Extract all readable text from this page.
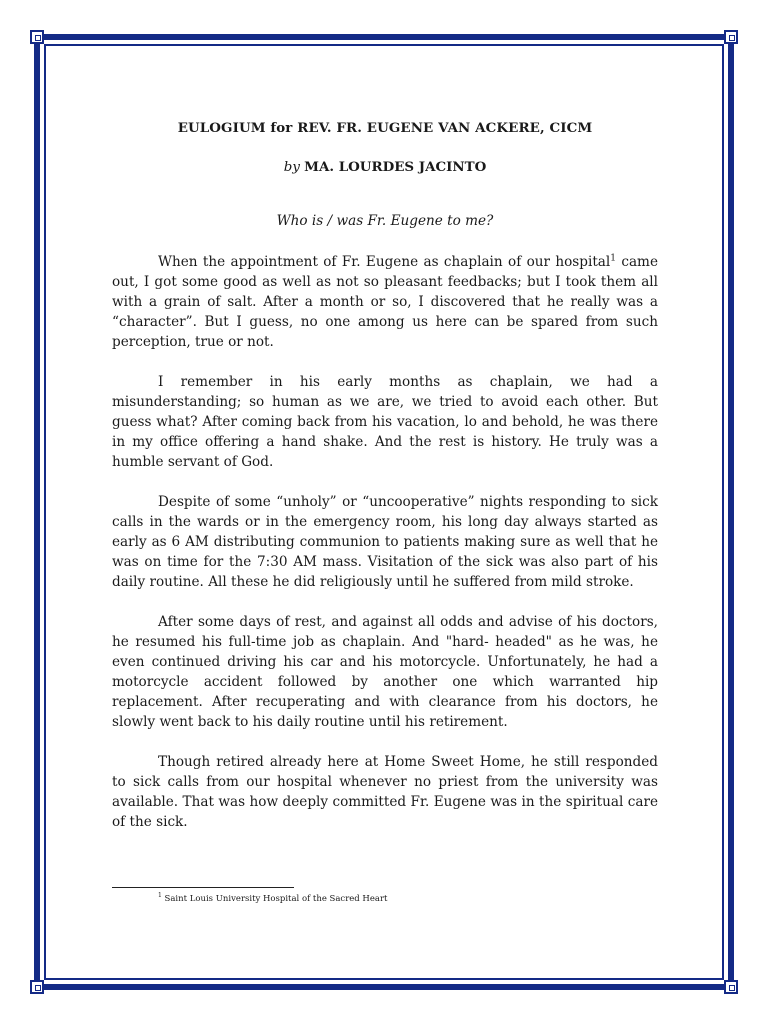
EULOGIUM for REV. FR. EUGENE VAN ACKERE, CICM

by MA. LOURDES JACINTO

Who is / was Fr. Eugene to me?

When the appointment of Fr. Eugene as chaplain of our hospital$^1$ came out, I got some good as well as not so pleasant feedbacks; but I took them all with a grain of salt. After a month or so, I discovered that he really was a “character”. But I guess, no one among us here can be spared from such perception, true or not.

I remember in his early months as chaplain, we had a misunderstanding; so human as we are, we tried to avoid each other. But guess what? After coming back from his vacation, lo and behold, he was there in my office offering a hand shake. And the rest is history. He truly was a humble servant of God.

Despite of some “unholy” or “uncooperative” nights responding to sick calls in the wards or in the emergency room, his long day always started as early as 6 AM distributing communion to patients making sure as well that he was on time for the 7:30 AM mass. Visitation of the sick was also part of his daily routine. All these he did religiously until he suffered from mild stroke.

After some days of rest, and against all odds and advise of his doctors, he resumed his full-time job as chaplain. And "hard- headed" as he was, he even continued driving his car and his motorcycle. Unfortunately, he had a motorcycle accident followed by another one which warranted hip replacement. After recuperating and with clearance from his doctors, he slowly went back to his daily routine until his retirement.

Though retired already here at Home Sweet Home, he still responded to sick calls from our hospital whenever no priest from the university was available. That was how deeply committed Fr. Eugene was in the spiritual care of the sick.

$^1$ Saint Louis University Hospital of the Sacred Heart
